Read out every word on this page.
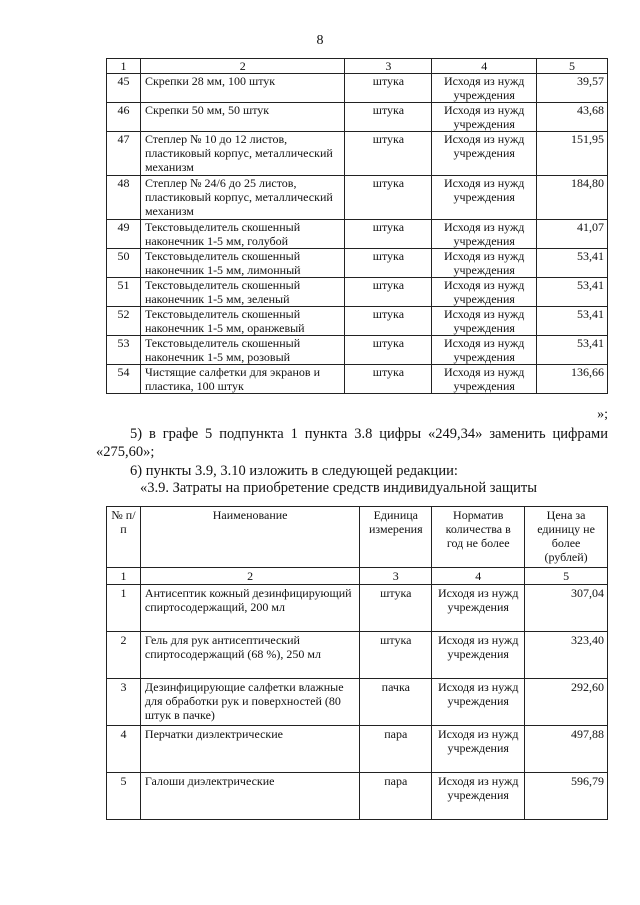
8
1	2	3	4	5
45	Скрепки 28 мм, 100 штук	штука	Исходя из нужд учреждения	39,57
46	Скрепки 50 мм, 50 штук	штука	Исходя из нужд учреждения	43,68
47	Степлер № 10 до 12 листов, пластиковый корпус, металлический механизм	штука	Исходя из нужд учреждения	151,95
48	Степлер № 24/6 до 25 листов, пластиковый корпус, металлический механизм	штука	Исходя из нужд учреждения	184,80
49	Текстовыделитель скошенный наконечник 1-5 мм, голубой	штука	Исходя из нужд учреждения	41,07
50	Текстовыделитель скошенный наконечник 1-5 мм, лимонный	штука	Исходя из нужд учреждения	53,41
51	Текстовыделитель скошенный наконечник 1-5 мм, зеленый	штука	Исходя из нужд учреждения	53,41
52	Текстовыделитель скошенный наконечник 1-5 мм, оранжевый	штука	Исходя из нужд учреждения	53,41
53	Текстовыделитель скошенный наконечник 1-5 мм, розовый	штука	Исходя из нужд учреждения	53,41
54	Чистящие салфетки для экранов и пластика, 100 штук	штука	Исходя из нужд учреждения	136,66
»;
5) в графе 5 подпункта 1 пункта 3.8 цифры «249,34» заменить цифрами «275,60»;
6) пункты 3.9, 3.10 изложить в следующей редакции:
«3.9. Затраты на приобретение средств индивидуальной защиты
№ п/п	Наименование	Единица измерения	Норматив количества в год не более	Цена за единицу не более (рублей)
1	2	3	4	5
1	Антисептик кожный дезинфицирующий спиртосодержащий, 200 мл	штука	Исходя из нужд учреждения	307,04
2	Гель для рук антисептический спиртосодержащий (68 %), 250 мл	штука	Исходя из нужд учреждения	323,40
3	Дезинфицирующие салфетки влажные для обработки рук и поверхностей (80 штук в пачке)	пачка	Исходя из нужд учреждения	292,60
4	Перчатки диэлектрические	пара	Исходя из нужд учреждения	497,88
5	Галоши диэлектрические	пара	Исходя из нужд учреждения	596,79
